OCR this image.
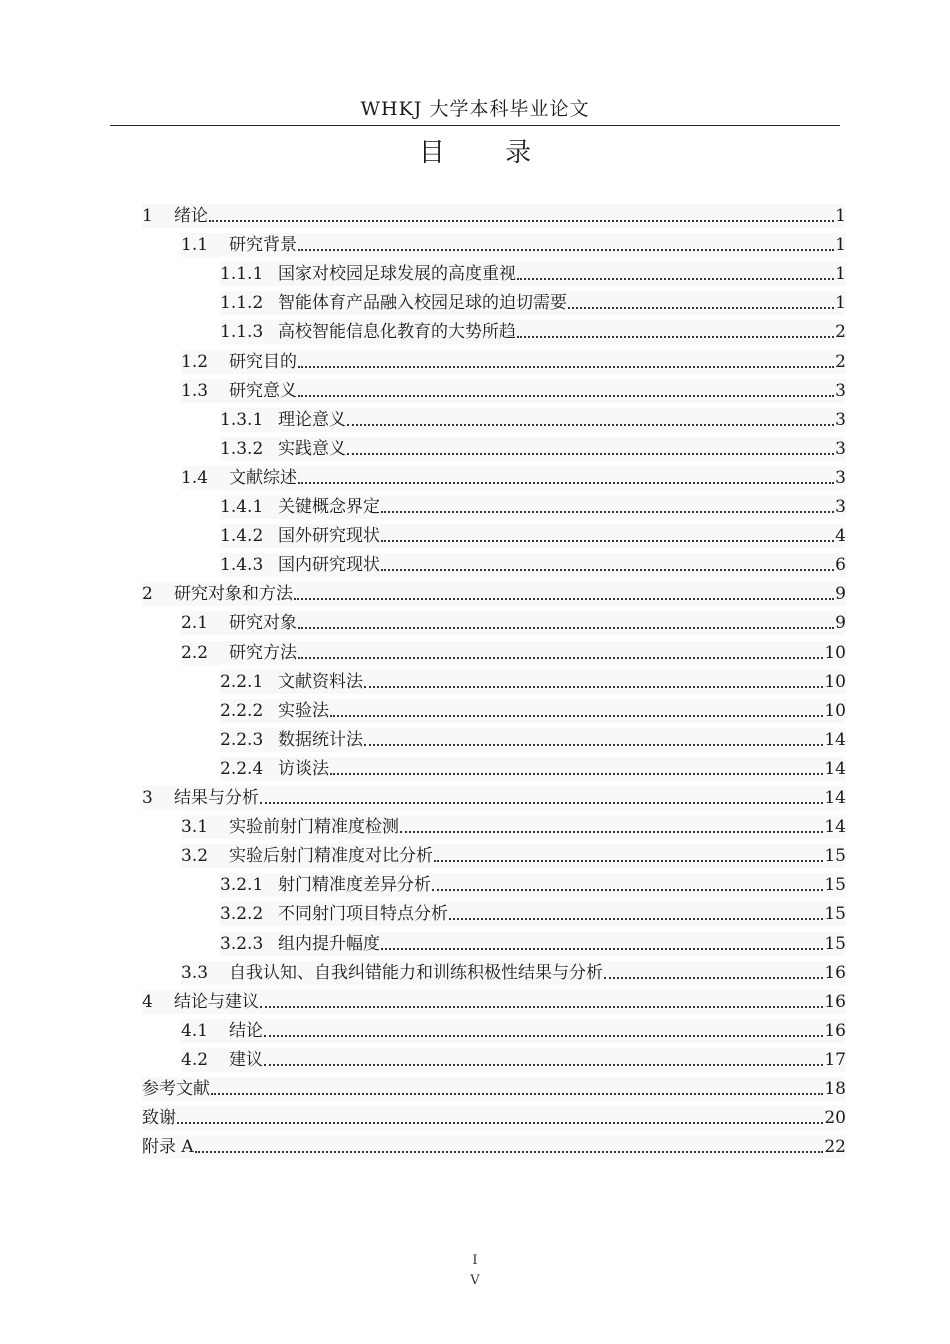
WHKJ 大学本科毕业论文
目 录
1	绪论	1
1.1	研究背景	1
1.1.1 国家对校园足球发展的高度重视	1
1.1.2 智能体育产品融入校园足球的迫切需要	1
1.1.3 高校智能信息化教育的大势所趋	2
1.2	研究目的	2
1.3	研究意义	3
1.3.1 理论意义	3
1.3.2 实践意义	3
1.4	文献综述	3
1.4.1 关键概念界定	3
1.4.2 国外研究现状	4
1.4.3 国内研究现状	6
2	研究对象和方法	9
2.1	研究对象	9
2.2	研究方法	10
2.2.1 文献资料法	10
2.2.2 实验法	10
2.2.3 数据统计法	14
2.2.4 访谈法	14
3	结果与分析	14
3.1	实验前射门精准度检测	14
3.2	实验后射门精准度对比分析	15
3.2.1 射门精准度差异分析	15
3.2.2 不同射门项目特点分析	15
3.2.3 组内提升幅度	15
3.3	自我认知、自我纠错能力和训练积极性结果与分析	16
4	结论与建议	16
4.1	结论	16
4.2	建议	17
参考文献	18
致谢	20
附录 A	22
I
V
